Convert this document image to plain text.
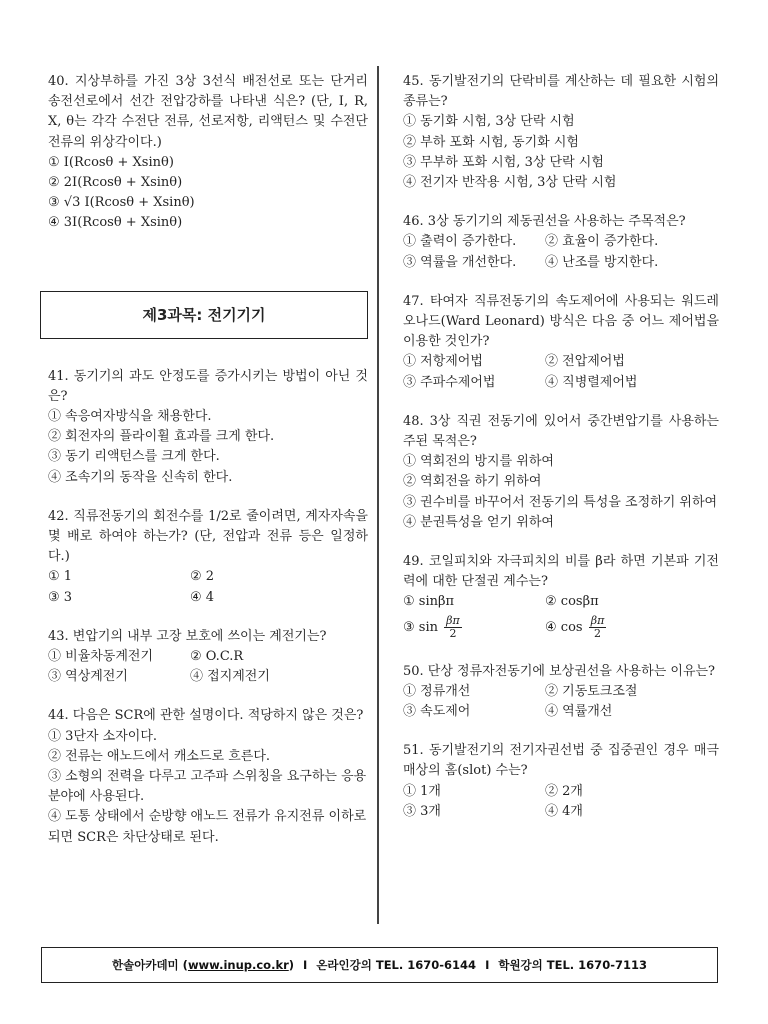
40. 지상부하를 가진 3상 3선식 배전선로 또는 단거리 송전선로에서 선간 전압강하를 나타낸 식은? (단, I, R, X, θ는 각각 수전단 전류, 선로저항, 리액턴스 및 수전단 전류의 위상각이다.)
① I(Rcosθ + Xsinθ)
② 2I(Rcosθ + Xsinθ)
③ √3 I(Rcosθ + Xsinθ)
④ 3I(Rcosθ + Xsinθ)
제3과목: 전기기기
41. 동기기의 과도 안정도를 증가시키는 방법이 아닌 것은?
① 속응여자방식을 채용한다.
② 회전자의 플라이휠 효과를 크게 한다.
③ 동기 리액턴스를 크게 한다.
④ 조속기의 동작을 신속히 한다.
42. 직류전동기의 회전수를 1/2로 줄이려면, 계자자속을 몇 배로 하여야 하는가? (단, 전압과 전류 등은 일정하다.)
① 1	② 2
③ 3	④ 4
43. 변압기의 내부 고장 보호에 쓰이는 계전기는?
① 비율차동계전기	② O.C.R
③ 역상계전기	④ 접지계전기
44. 다음은 SCR에 관한 설명이다. 적당하지 않은 것은?
① 3단자 소자이다.
② 전류는 애노드에서 캐소드로 흐른다.
③ 소형의 전력을 다루고 고주파 스위칭을 요구하는 응용분야에 사용된다.
④ 도통 상태에서 순방향 애노드 전류가 유지전류 이하로 되면 SCR은 차단상태로 된다.
45. 동기발전기의 단락비를 계산하는 데 필요한 시험의 종류는?
① 동기화 시험, 3상 단락 시험
② 부하 포화 시험, 동기화 시험
③ 무부하 포화 시험, 3상 단락 시험
④ 전기자 반작용 시험, 3상 단락 시험
46. 3상 동기기의 제동권선을 사용하는 주목적은?
① 출력이 증가한다.	② 효율이 증가한다.
③ 역률을 개선한다.	④ 난조를 방지한다.
47. 타여자 직류전동기의 속도제어에 사용되는 워드레오나드(Ward Leonard) 방식은 다음 중 어느 제어법을 이용한 것인가?
① 저항제어법	② 전압제어법
③ 주파수제어법	④ 직병렬제어법
48. 3상 직권 전동기에 있어서 중간변압기를 사용하는 주된 목적은?
① 역회전의 방지를 위하여
② 역회전을 하기 위하여
③ 권수비를 바꾸어서 전동기의 특성을 조정하기 위하여
④ 분권특성을 얻기 위하여
49. 코일피치와 자극피치의 비를 β라 하면 기본파 기전력에 대한 단절권 계수는?
① sinβπ	② cosβπ
③ $\sin \frac{\beta\pi}{2}$	④ $\cos \frac{\beta\pi}{2}$
50. 단상 정류자전동기에 보상권선을 사용하는 이유는?
① 정류개선	② 기동토크조절
③ 속도제어	④ 역률개선
51. 동기발전기의 전기자권선법 중 집중권인 경우 매극 매상의 홈(slot) 수는?
① 1개	② 2개
③ 3개	④ 4개
한솔아카데미 ( www.inup.co.kr ) I 온라인강의 TEL. 1670-6144 I 학원강의 TEL. 1670-7113
